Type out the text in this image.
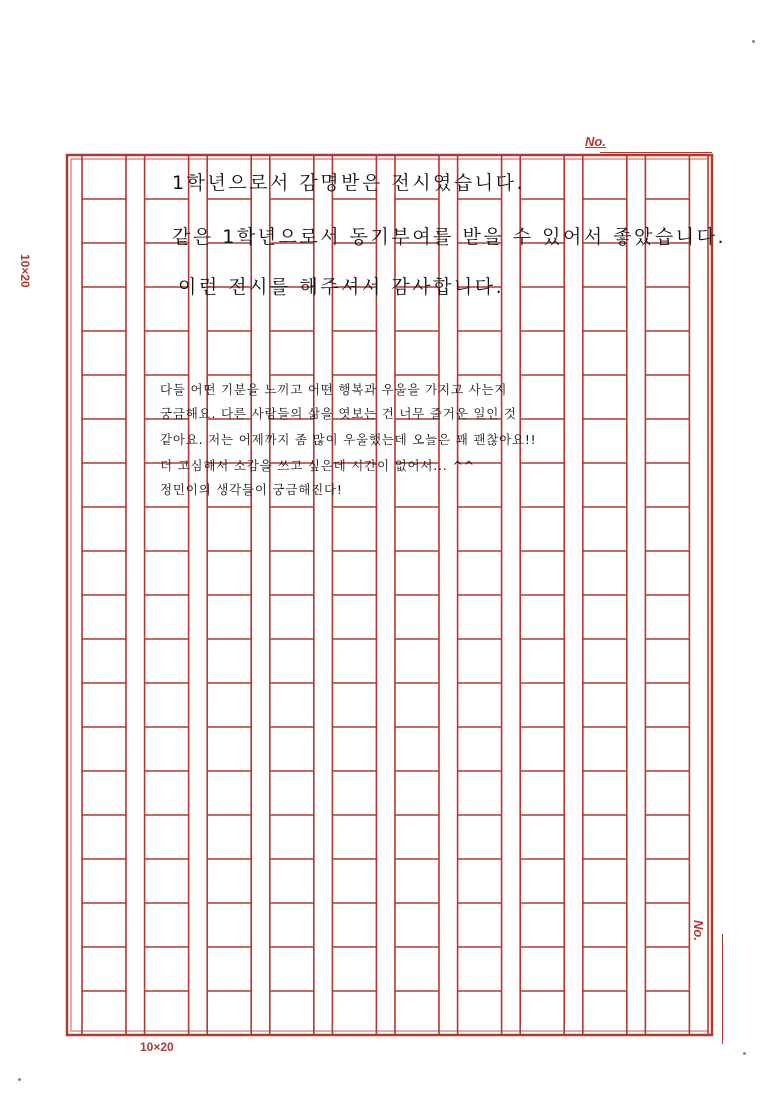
No.
No.
10×20
10×20
1학년으로서 감명받은 전시였습니다.
같은 1학년으로서 동기부여를 받을 수 있어서 좋았습니다.
이런 전시를 해주셔서 감사합니다.
다들 어떤 기분을 느끼고 어떤 행복과 우울을 가지고 사는지
궁금해요. 다른 사람들의 삶을 엿보는 건 너무 즐거운 일인 것
같아요. 저는 어제까지 좀 많이 우울했는데 오늘은 꽤 괜찮아요!!
더 고심해서 소감을 쓰고 싶은데 시간이 없어서... ^^
정민이의 생각들이 궁금해진다!
